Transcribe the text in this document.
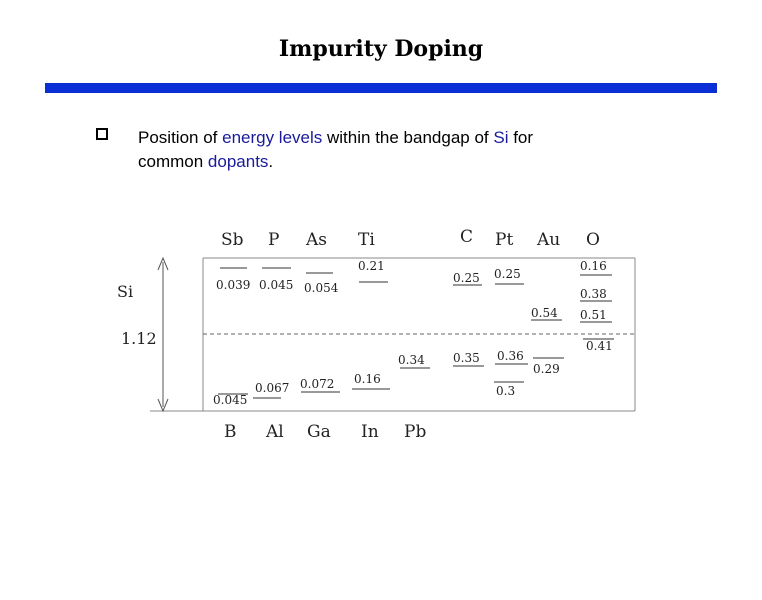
Impurity Doping
Position of energy levels within the bandgap of Si for
common dopants.
Si
1.12
Sb P As Ti	C Pt Au O
B Al Ga In Pb
0.039 0.045 0.054
0.21
0.25 0.25
0.54
0.16
0.38
0.51
0.045
0.067 0.072 0.16
0.34 0.35 0.36
0.3
0.29
0.41
